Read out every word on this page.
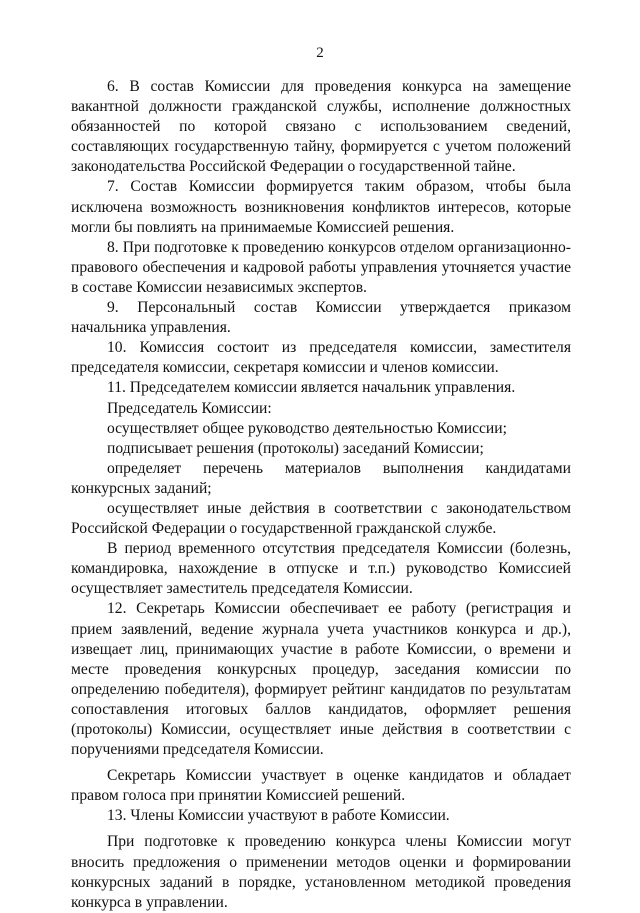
2

6. В состав Комиссии для проведения конкурса на замещение вакантной должности гражданской службы, исполнение должностных обязанностей по которой связано с использованием сведений, составляющих государственную тайну, формируется с учетом положений законодательства Российской Федерации о государственной тайне.

7. Состав Комиссии формируется таким образом, чтобы была исключена возможность возникновения конфликтов интересов, которые могли бы повлиять на принимаемые Комиссией решения.

8. При подготовке к проведению конкурсов отделом организационно-правового обеспечения и кадровой работы управления уточняется участие в составе Комиссии независимых экспертов.

9. Персональный состав Комиссии утверждается приказом начальника управления.

10. Комиссия состоит из председателя комиссии, заместителя председателя комиссии, секретаря комиссии и членов комиссии.

11. Председателем комиссии является начальник управления.

Председатель Комиссии:

осуществляет общее руководство деятельностью Комиссии;

подписывает решения (протоколы) заседаний Комиссии;

определяет перечень материалов выполнения кандидатами конкурсных заданий;

осуществляет иные действия в соответствии с законодательством Российской Федерации о государственной гражданской службе.

В период временного отсутствия председателя Комиссии (болезнь, командировка, нахождение в отпуске и т.п.) руководство Комиссией осуществляет заместитель председателя Комиссии.

12. Секретарь Комиссии обеспечивает ее работу (регистрация и прием заявлений, ведение журнала учета участников конкурса и др.), извещает лиц, принимающих участие в работе Комиссии, о времени и месте проведения конкурсных процедур, заседания комиссии по определению победителя), формирует рейтинг кандидатов по результатам сопоставления итоговых баллов кандидатов, оформляет решения (протоколы) Комиссии, осуществляет иные действия в соответствии с поручениями председателя Комиссии.

Секретарь Комиссии участвует в оценке кандидатов и обладает правом голоса при принятии Комиссией решений.

13. Члены Комиссии участвуют в работе Комиссии.

При подготовке к проведению конкурса члены Комиссии могут вносить предложения о применении методов оценки и формировании конкурсных заданий в порядке, установленном методикой проведения конкурса в управлении.
